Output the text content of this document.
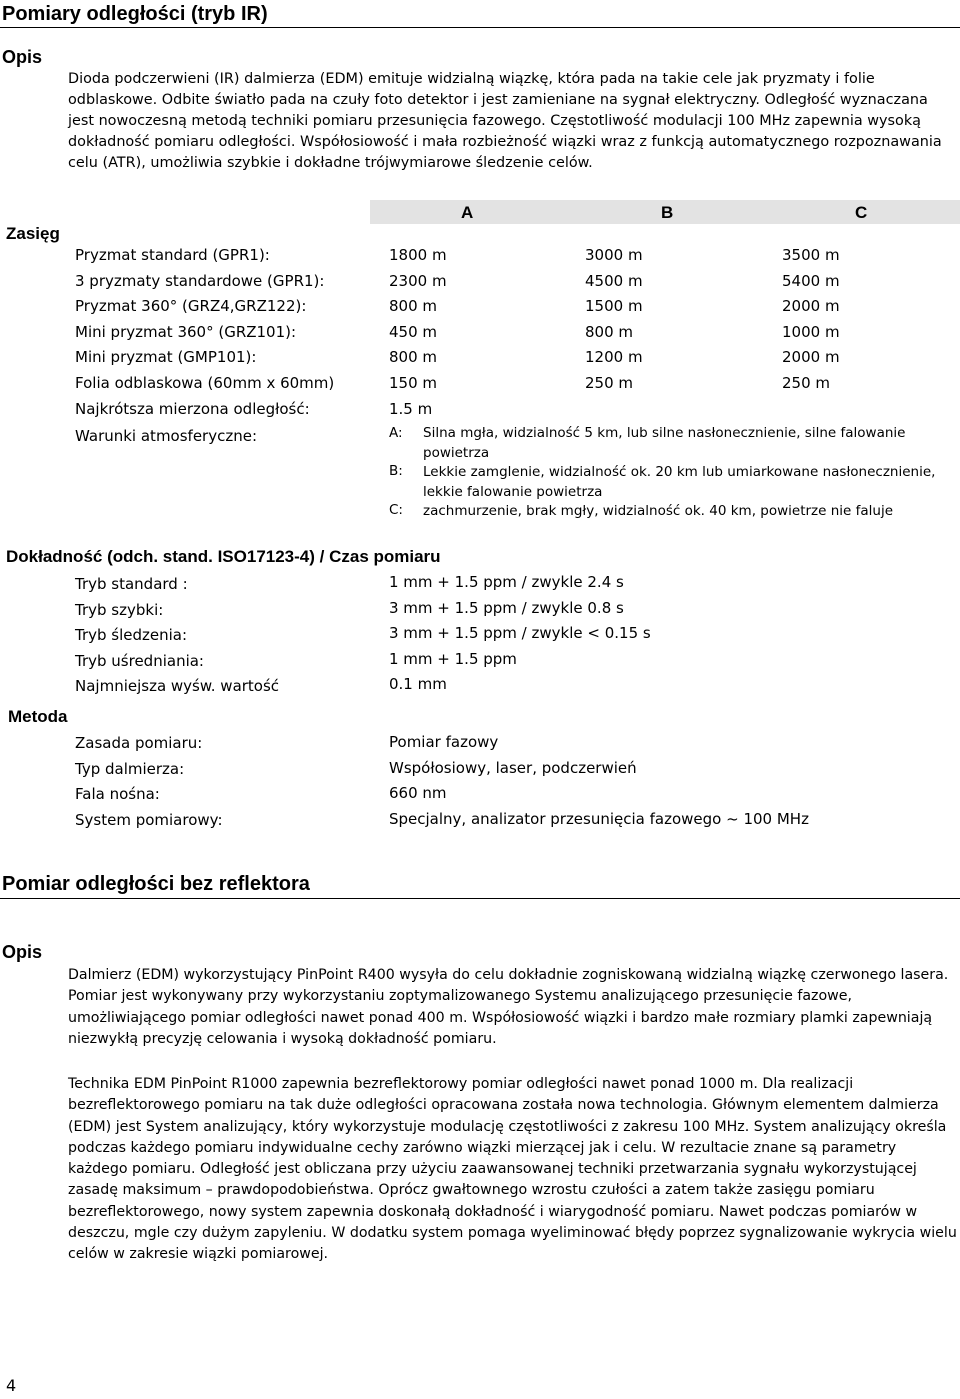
Pomiary odległości (tryb IR)
Opis
Dioda podczerwieni (IR) dalmierza (EDM) emituje widzialną wiązkę, która pada na takie cele jak pryzmaty i folie odblaskowe. Odbite światło pada na czuły foto detektor i jest zamieniane na sygnał elektryczny. Odległość wyznaczana jest nowoczesną metodą techniki pomiaru przesunięcia fazowego. Częstotliwość modulacji 100 MHz zapewnia wysoką dokładność pomiaru odległości. Współosiowość i mała rozbieżność wiązki wraz z funkcją automatycznego rozpoznawania celu (ATR), umożliwia szybkie i dokładne trójwymiarowe śledzenie celów.
A	B	C
Zasięg
Pryzmat standard (GPR1):	1800 m	3000 m	3500 m
3 pryzmaty standardowe (GPR1):	2300 m	4500 m	5400 m
Pryzmat 360° (GRZ4,GRZ122):	800 m	1500 m	2000 m
Mini pryzmat 360° (GRZ101):	450 m	800 m	1000 m
Mini pryzmat (GMP101):	800 m	1200 m	2000 m
Folia odblaskowa (60mm x 60mm)	150 m	250 m	250 m
Najkrótsza mierzona odległość:	1.5 m
Warunki atmosferyczne:	A: Silna mgła, widzialność 5 km, lub silne nasłonecznienie, silne falowanie powietrza
B: Lekkie zamglenie, widzialność ok. 20 km lub umiarkowane nasłonecznienie, lekkie falowanie powietrza
C: zachmurzenie, brak mgły, widzialność ok. 40 km, powietrze nie faluje
Dokładność (odch. stand. ISO17123-4) / Czas pomiaru
Tryb standard :	1 mm + 1.5 ppm / zwykle 2.4 s
Tryb szybki:	3 mm + 1.5 ppm / zwykle 0.8 s
Tryb śledzenia:	3 mm + 1.5 ppm / zwykle < 0.15 s
Tryb uśredniania:	1 mm + 1.5 ppm
Najmniejsza wyśw. wartość	0.1 mm
Metoda
Zasada pomiaru:	Pomiar fazowy
Typ dalmierza:	Współosiowy, laser, podczerwień
Fala nośna:	660 nm
System pomiarowy:	Specjalny, analizator przesunięcia fazowego ~ 100 MHz
Pomiar odległości bez reflektora
Opis
Dalmierz (EDM) wykorzystujący PinPoint R400 wysyła do celu dokładnie zogniskowaną widzialną wiązkę czerwonego lasera. Pomiar jest wykonywany przy wykorzystaniu zoptymalizowanego Systemu analizującego przesunięcie fazowe, umożliwiającego pomiar odległości nawet ponad 400 m. Współosiowość wiązki i bardzo małe rozmiary plamki zapewniają niezwykłą precyzję celowania i wysoką dokładność pomiaru.
Technika EDM PinPoint R1000 zapewnia bezreflektorowy pomiar odległości nawet ponad 1000 m. Dla realizacji bezreflektorowego pomiaru na tak duże odległości opracowana została nowa technologia. Głównym elementem dalmierza (EDM) jest System analizujący, który wykorzystuje modulację częstotliwości z zakresu 100 MHz. System analizujący określa podczas każdego pomiaru indywidualne cechy zarówno wiązki mierzącej jak i celu. W rezultacie znane są parametry każdego pomiaru. Odległość jest obliczana przy użyciu zaawansowanej techniki przetwarzania sygnału wykorzystującej zasadę maksimum – prawdopodobieństwa. Oprócz gwałtownego wzrostu czułości a zatem także zasięgu pomiaru bezreflektorowego, nowy system zapewnia doskonałą dokładność i wiarygodność pomiaru. Nawet podczas pomiarów w deszczu, mgle czy dużym zapyleniu. W dodatku system pomaga wyeliminować błędy poprzez sygnalizowanie wykrycia wielu celów w zakresie wiązki pomiarowej.
4
